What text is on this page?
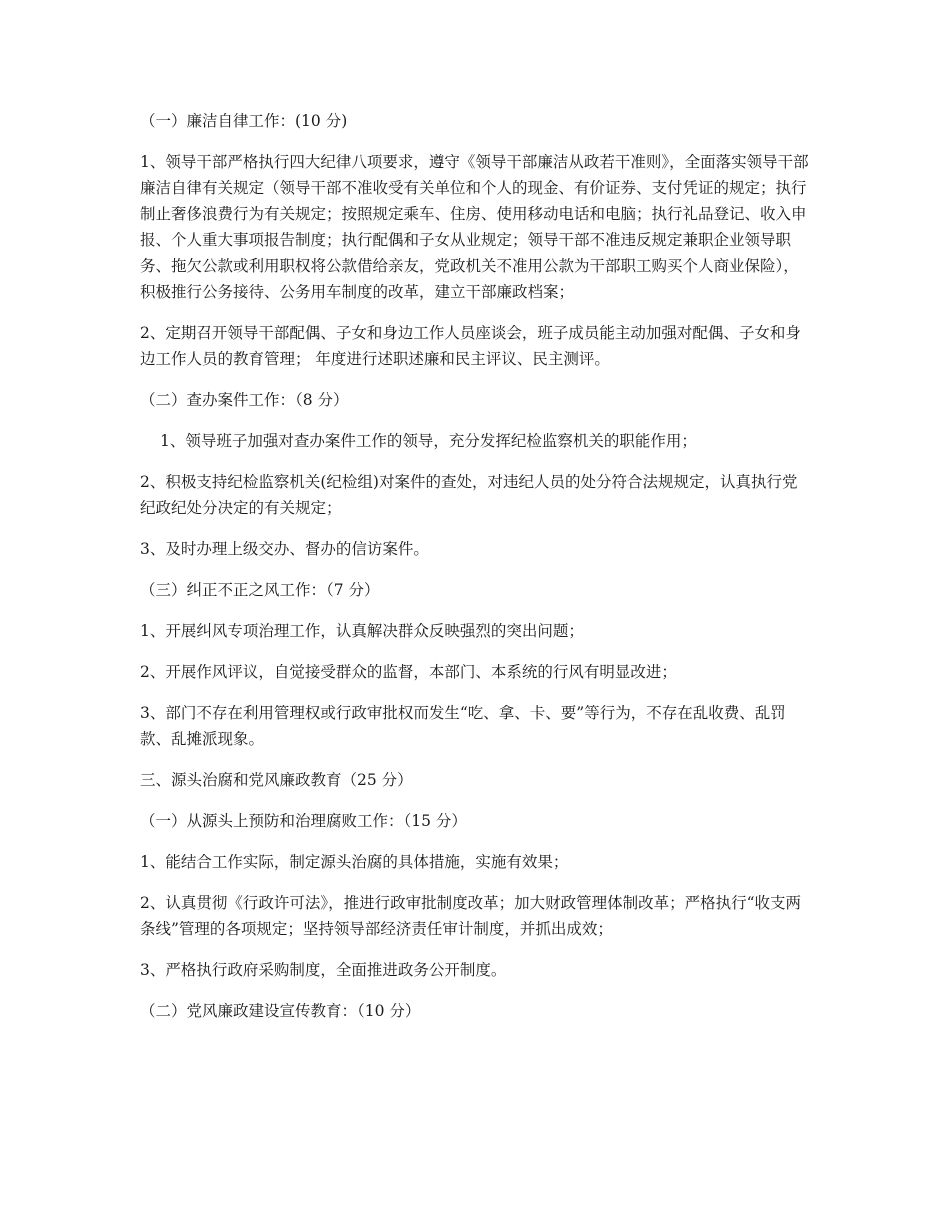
（一）廉洁自律工作：(10 分)

1、领导干部严格执行四大纪律八项要求，遵守《领导干部廉洁从政若干准则》，全面落实领导干部廉洁自律有关规定（领导干部不准收受有关单位和个人的现金、有价证券、支付凭证的规定；执行制止奢侈浪费行为有关规定；按照规定乘车、住房、使用移动电话和电脑；执行礼品登记、收入申报、个人重大事项报告制度；执行配偶和子女从业规定；领导干部不准违反规定兼职企业领导职务、拖欠公款或利用职权将公款借给亲友，党政机关不准用公款为干部职工购买个人商业保险），积极推行公务接待、公务用车制度的改革，建立干部廉政档案；

2、定期召开领导干部配偶、子女和身边工作人员座谈会，班子成员能主动加强对配偶、子女和身边工作人员的教育管理； 年度进行述职述廉和民主评议、民主测评。

（二）查办案件工作：（8 分）

1、领导班子加强对查办案件工作的领导，充分发挥纪检监察机关的职能作用；

2、积极支持纪检监察机关(纪检组)对案件的查处，对违纪人员的处分符合法规规定，认真执行党纪政纪处分决定的有关规定；

3、及时办理上级交办、督办的信访案件。

（三）纠正不正之风工作：（7 分）

1、开展纠风专项治理工作，认真解决群众反映强烈的突出问题；

2、开展作风评议，自觉接受群众的监督，本部门、本系统的行风有明显改进；

3、部门不存在利用管理权或行政审批权而发生“吃、拿、卡、要”等行为，不存在乱收费、乱罚款、乱摊派现象。

三、源头治腐和党风廉政教育（25 分）

（一）从源头上预防和治理腐败工作：（15 分）

1、能结合工作实际，制定源头治腐的具体措施，实施有效果；

2、认真贯彻《行政许可法》，推进行政审批制度改革；加大财政管理体制改革；严格执行“收支两条线”管理的各项规定；坚持领导部经济责任审计制度，并抓出成效；

3、严格执行政府采购制度，全面推进政务公开制度。

（二）党风廉政建设宣传教育：（10 分）
